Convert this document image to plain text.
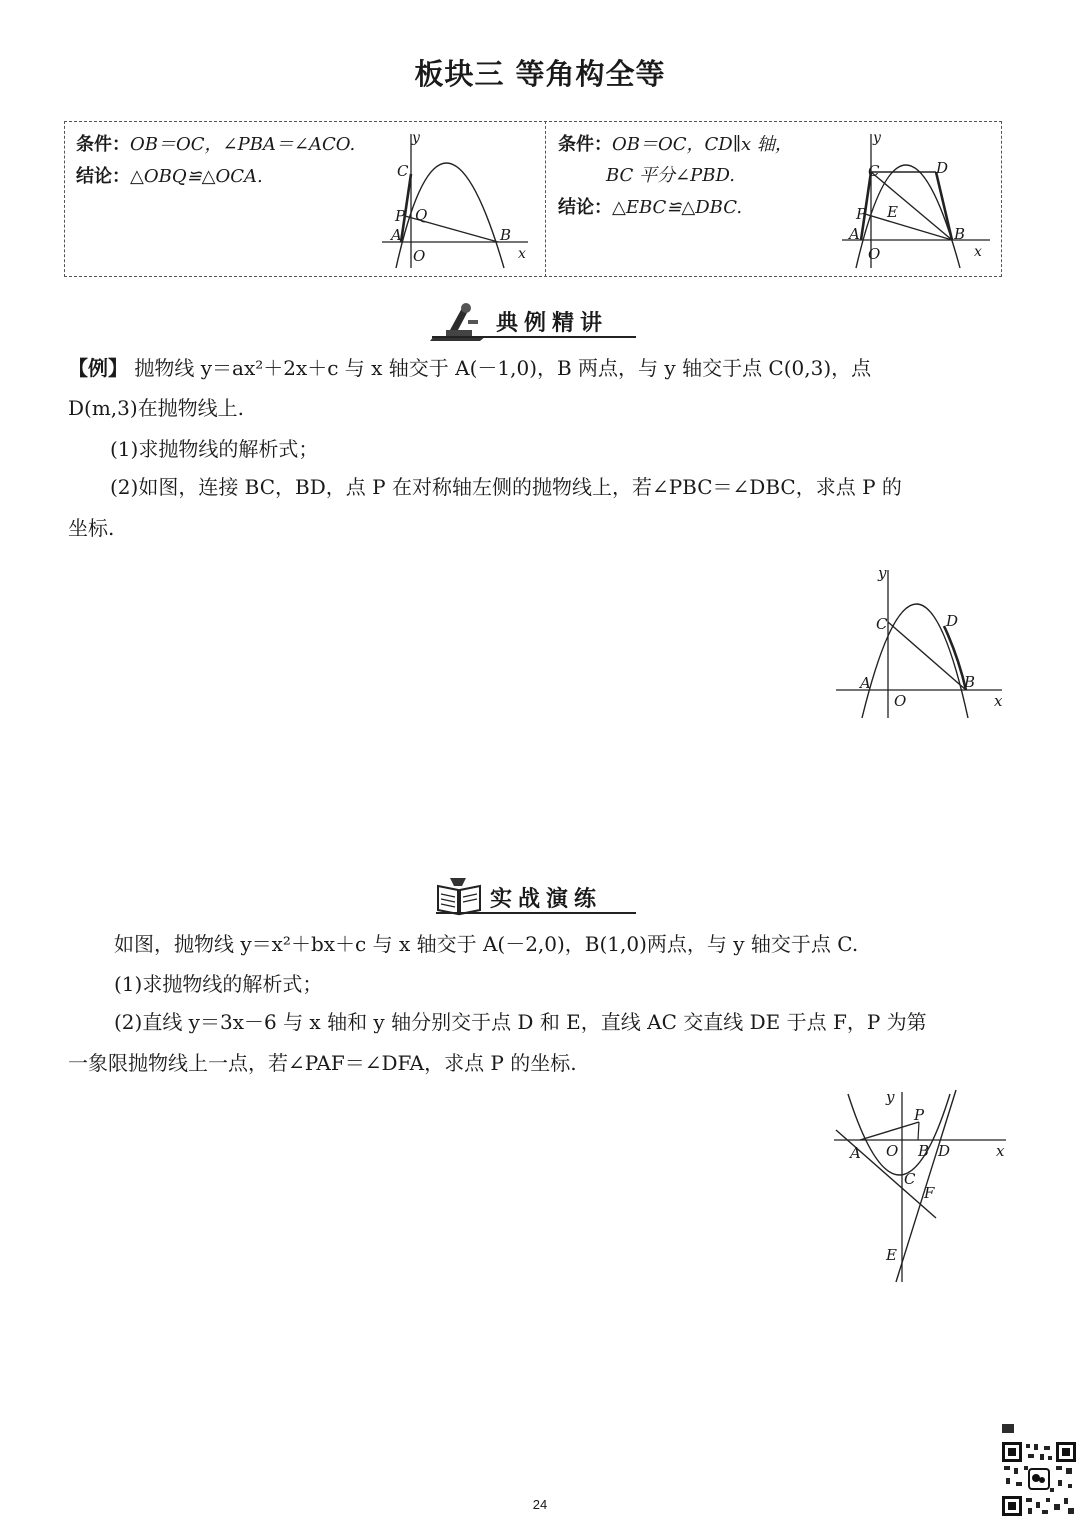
板块三 等角构全等
条件：OB＝OC，∠PBA＝∠ACO.
结论：△OBQ≌△OCA.
y
x
C
P Q
A
O
B
条件：OB＝OC，CD∥x 轴，
BC 平分∠PBD.
结论：△EBC≌△DBC.
y
x
C	D
P E
A
O
B
典例精讲
【例】 抛物线 y＝ax²＋2x＋c 与 x 轴交于 A(－1,0)，B 两点，与 y 轴交于点 C(0,3)，点
D(m,3)在抛物线上.
(1)求抛物线的解析式；
(2)如图，连接 BC，BD，点 P 在对称轴左侧的抛物线上，若∠PBC＝∠DBC，求点 P 的
坐标.
y
x
C	D
A
O
B
实战演练
如图，抛物线 y＝x²＋bx＋c 与 x 轴交于 A(－2,0)，B(1,0)两点，与 y 轴交于点 C.
(1)求抛物线的解析式；
(2)直线 y＝3x－6 与 x 轴和 y 轴分别交于点 D 和 E，直线 AC 交直线 DE 于点 F，P 为第
一象限抛物线上一点，若∠PAF＝∠DFA，求点 P 的坐标.
y
x
P
A O B D
C
F
E
24
